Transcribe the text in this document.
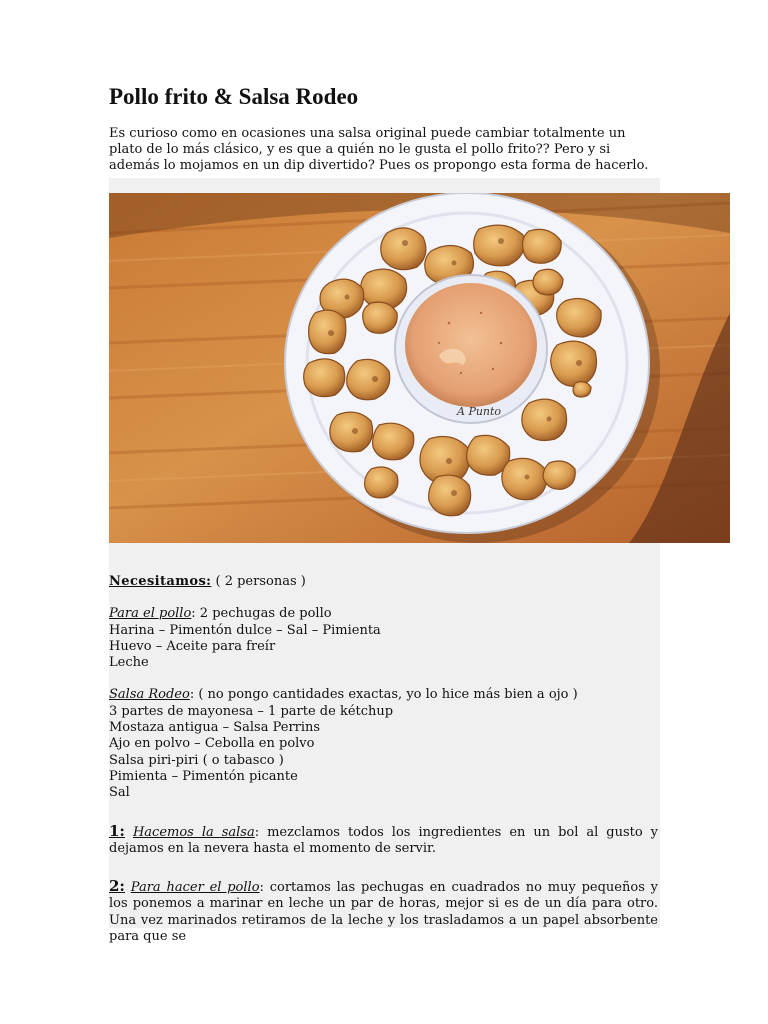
Pollo frito & Salsa Rodeo

Es curioso como en ocasiones una salsa original puede cambiar totalmente un plato de lo más clásico, y es que a quién no le gusta el pollo frito?? Pero y si además lo mojamos en un dip divertido? Pues os propongo esta forma de hacerlo.

A Punto

Necesitamos: ( 2 personas )

Para el pollo: 2 pechugas de pollo

Harina – Pimentón dulce – Sal – Pimienta

Huevo – Aceite para freír

Leche

Salsa Rodeo: ( no pongo cantidades exactas, yo lo hice más bien a ojo )

3 partes de mayonesa – 1 parte de kétchup

Mostaza antigua – Salsa Perrins

Ajo en polvo – Cebolla en polvo

Salsa piri-piri ( o tabasco )

Pimienta – Pimentón picante

Sal

1: Hacemos la salsa: mezclamos todos los ingredientes en un bol al gusto y dejamos en la nevera hasta el momento de servir.

2: Para hacer el pollo: cortamos las pechugas en cuadrados no muy pequeños y los ponemos a marinar en leche un par de horas, mejor si es de un día para otro. Una vez marinados retiramos de la leche y los trasladamos a un papel absorbente para que se
